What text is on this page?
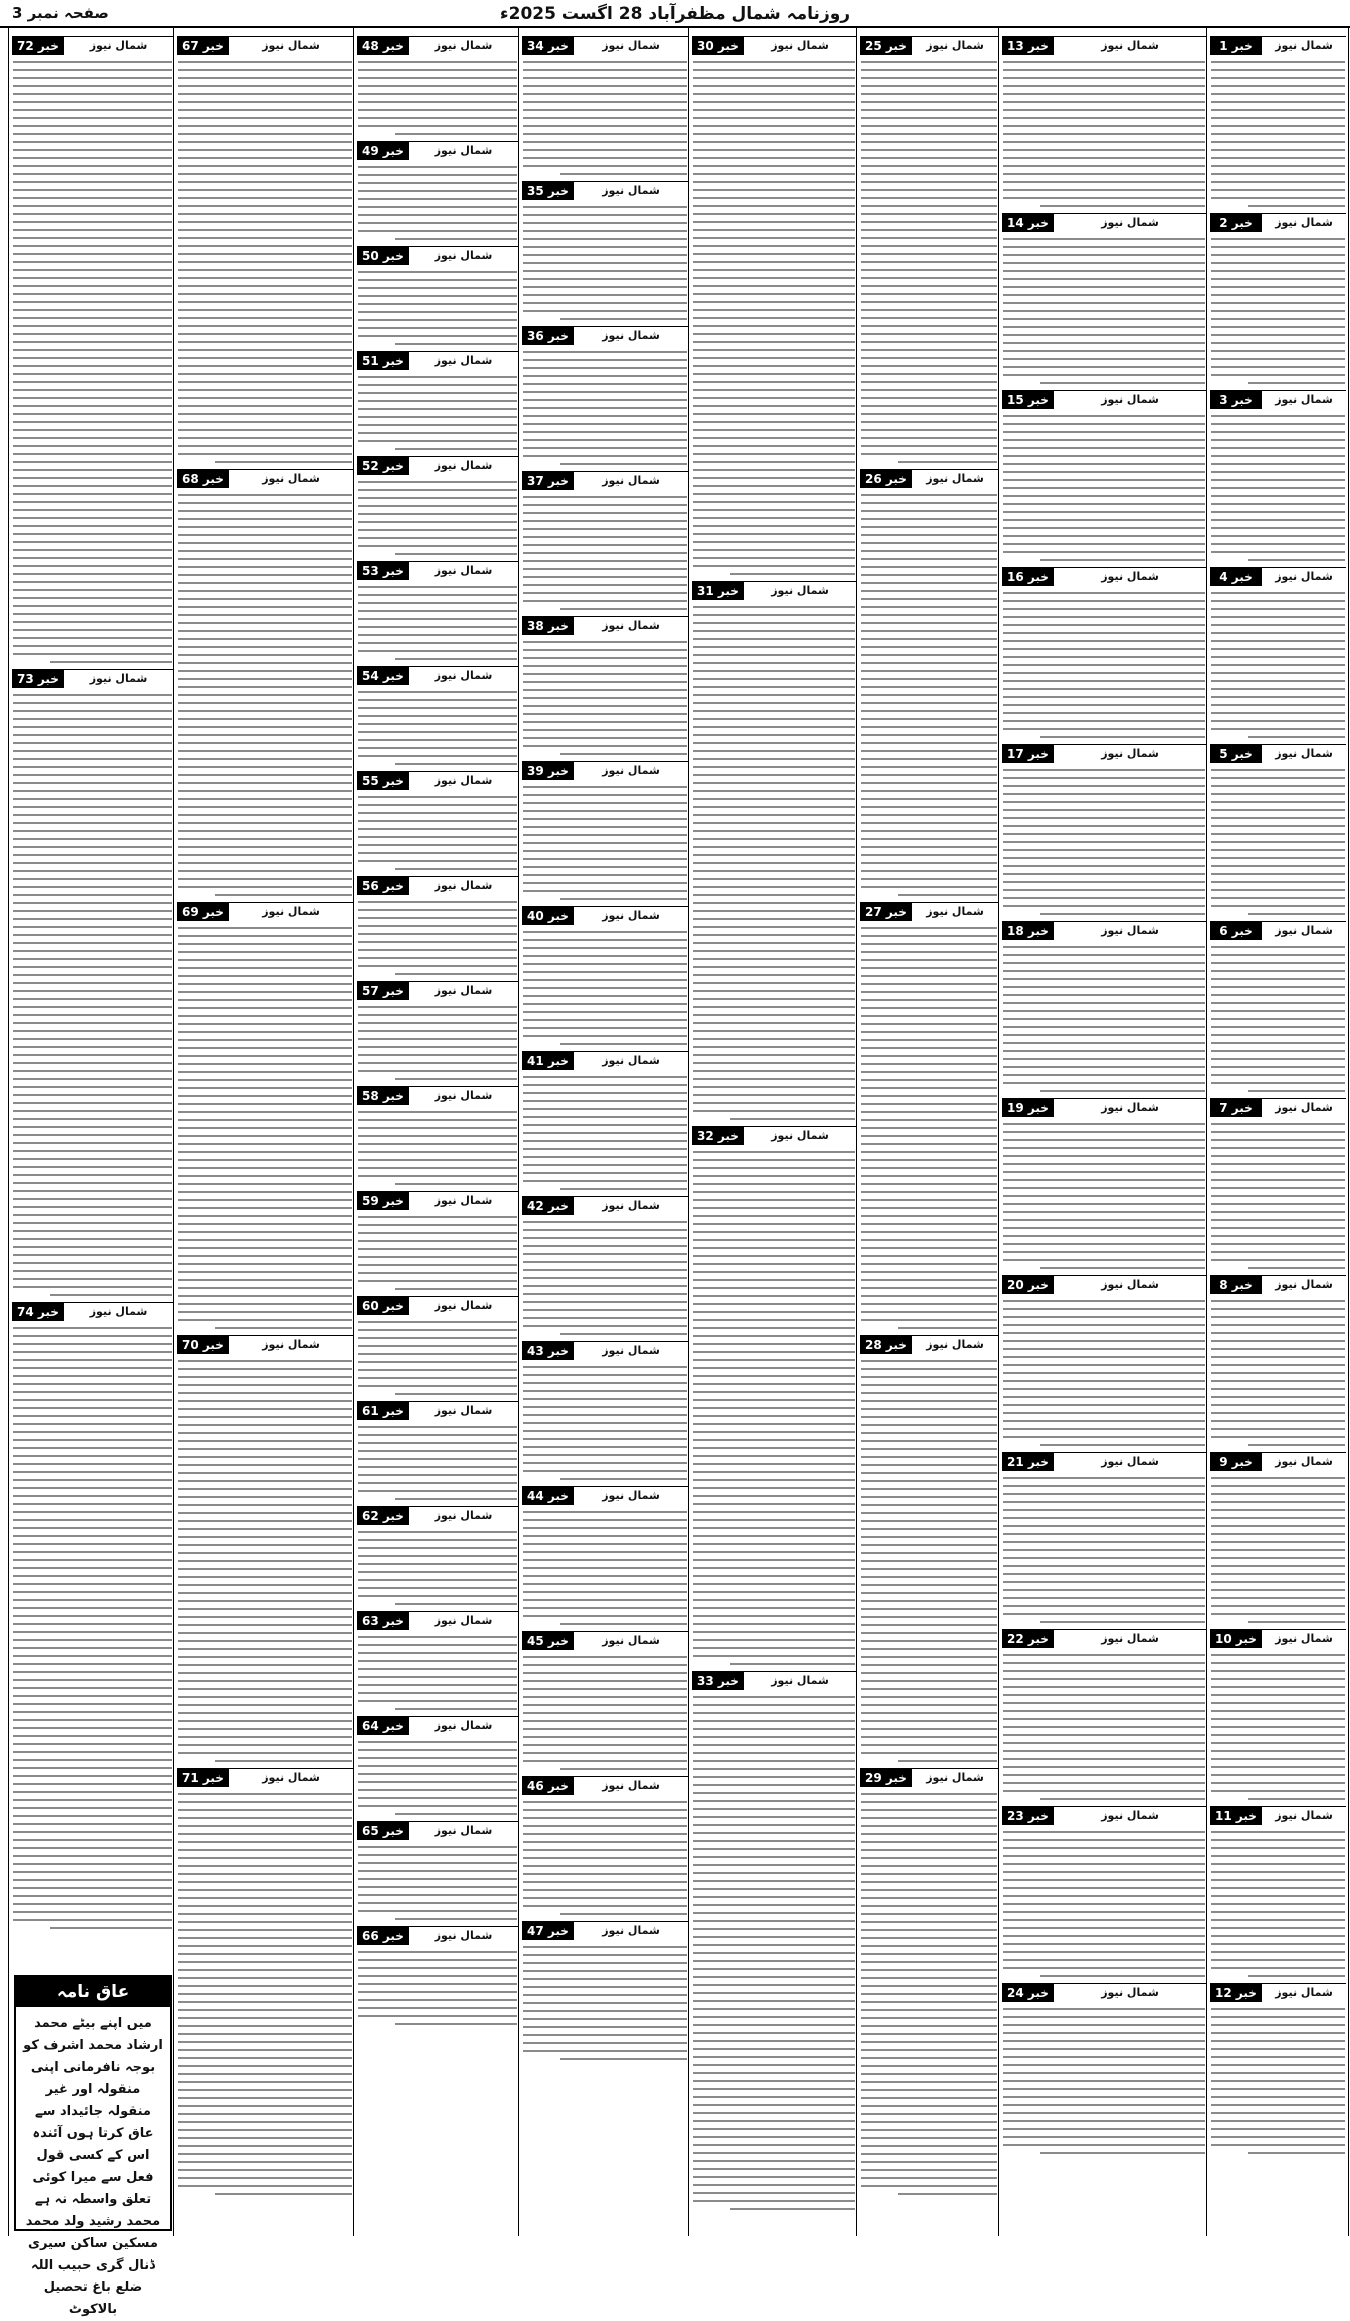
صفحہ نمبر 3	روزنامہ شمال مظفرآباد 28 اگست 2025ء
خبر 1	شمال نیوز
خبر 2	شمال نیوز
خبر 3	شمال نیوز
خبر 4	شمال نیوز
خبر 5	شمال نیوز
خبر 6	شمال نیوز
خبر 7	شمال نیوز
خبر 8	شمال نیوز
خبر 9	شمال نیوز
خبر 10	شمال نیوز
خبر 11	شمال نیوز
خبر 12	شمال نیوز
خبر 13	شمال نیوز
خبر 14	شمال نیوز
خبر 15	شمال نیوز
خبر 16	شمال نیوز
خبر 17	شمال نیوز
خبر 18	شمال نیوز
خبر 19	شمال نیوز
خبر 20	شمال نیوز
خبر 21	شمال نیوز
خبر 22	شمال نیوز
خبر 23	شمال نیوز
خبر 24	شمال نیوز
خبر 25	شمال نیوز
خبر 26	شمال نیوز
خبر 27	شمال نیوز
خبر 28	شمال نیوز
خبر 29	شمال نیوز
خبر 30	شمال نیوز
خبر 31	شمال نیوز
خبر 32	شمال نیوز
خبر 33	شمال نیوز
خبر 34	شمال نیوز
خبر 35	شمال نیوز
خبر 36	شمال نیوز
خبر 37	شمال نیوز
خبر 38	شمال نیوز
خبر 39	شمال نیوز
خبر 40	شمال نیوز
خبر 41	شمال نیوز
خبر 42	شمال نیوز
خبر 43	شمال نیوز
خبر 44	شمال نیوز
خبر 45	شمال نیوز
خبر 46	شمال نیوز
خبر 47	شمال نیوز
خبر 48	شمال نیوز
خبر 49	شمال نیوز
خبر 50	شمال نیوز
خبر 51	شمال نیوز
خبر 52	شمال نیوز
خبر 53	شمال نیوز
خبر 54	شمال نیوز
خبر 55	شمال نیوز
خبر 56	شمال نیوز
خبر 57	شمال نیوز
خبر 58	شمال نیوز
خبر 59	شمال نیوز
خبر 60	شمال نیوز
خبر 61	شمال نیوز
خبر 62	شمال نیوز
خبر 63	شمال نیوز
خبر 64	شمال نیوز
خبر 65	شمال نیوز
خبر 66	شمال نیوز
خبر 67	شمال نیوز
خبر 68	شمال نیوز
خبر 69	شمال نیوز
خبر 70	شمال نیوز
خبر 71	شمال نیوز
خبر 72	شمال نیوز
خبر 73	شمال نیوز
خبر 74	شمال نیوز
عاق نامہ
میں اپنے بیٹے محمد ارشاد محمد اشرف کو بوجہ نافرمانی اپنی منقولہ اور غیر منقولہ جائیداد سے عاق کرتا ہوں آئندہ اس کے کسی قول فعل سے میرا کوئی تعلق واسطہ نہ ہے محمد رشید ولد محمد مسکین ساکن سیری ڈنال گری حبیب اللہ ضلع باغ تحصیل بالاکوٹ
